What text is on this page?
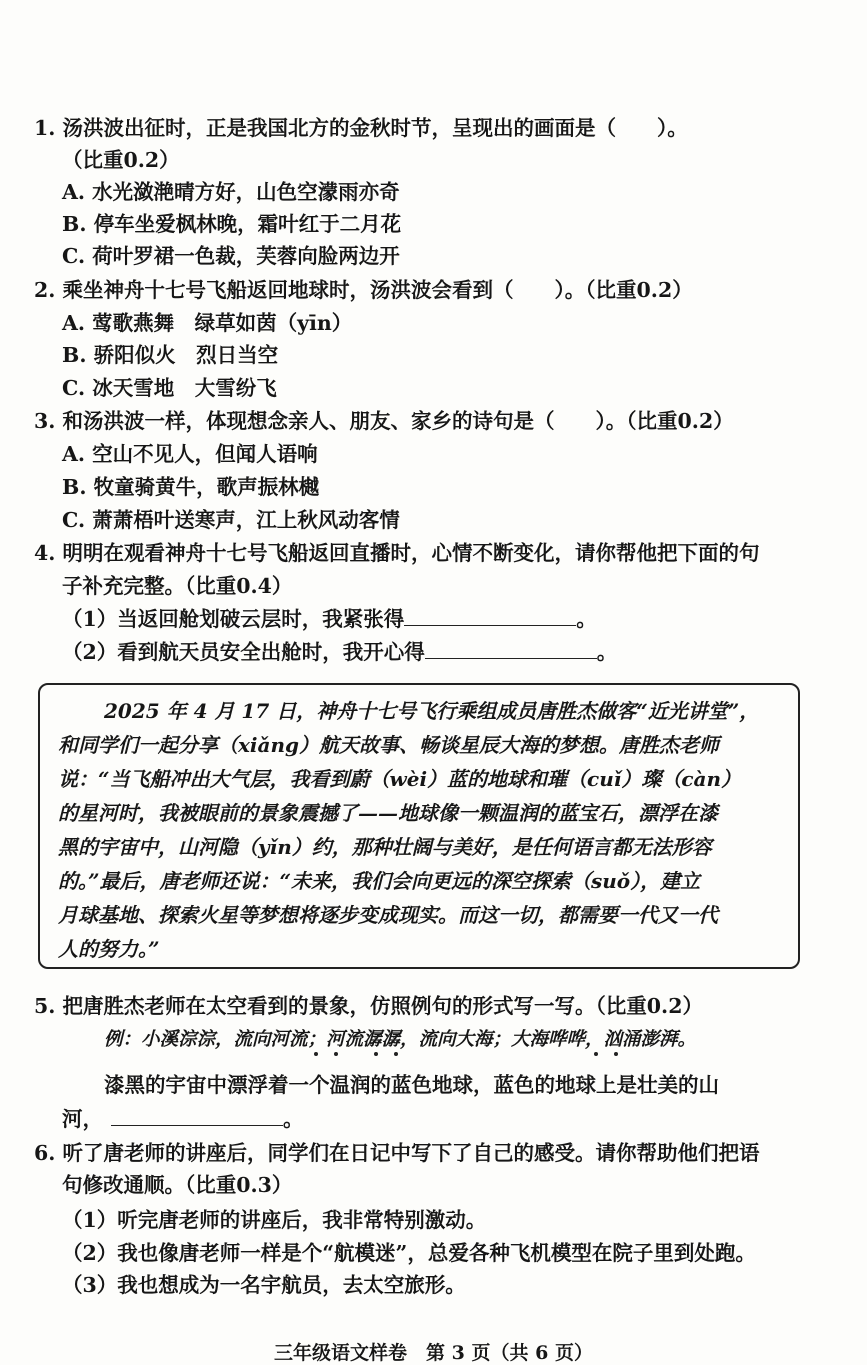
1. 汤洪波出征时，正是我国北方的金秋时节，呈现出的画面是（　　）。
（比重0.2）
A. 水光潋滟晴方好，山色空濛雨亦奇
B. 停车坐爱枫林晚，霜叶红于二月花
C. 荷叶罗裙一色裁，芙蓉向脸两边开
2. 乘坐神舟十七号飞船返回地球时，汤洪波会看到（　　）。（比重0.2）
A. 莺歌燕舞　绿草如茵（yīn）
B. 骄阳似火　烈日当空
C. 冰天雪地　大雪纷飞
3. 和汤洪波一样，体现想念亲人、朋友、家乡的诗句是（　　）。（比重0.2）
A. 空山不见人，但闻人语响
B. 牧童骑黄牛，歌声振林樾
C. 萧萧梧叶送寒声，江上秋风动客情
4. 明明在观看神舟十七号飞船返回直播时，心情不断变化，请你帮他把下面的句
子补充完整。（比重0.4）
（1）当返回舱划破云层时，我紧张得	。
（2）看到航天员安全出舱时，我开心得	。
2025 年 4 月 17 日，神舟十七号飞行乘组成员唐胜杰做客“近光讲堂”，
和同学们一起分享（xiǎng）航天故事、畅谈星辰大海的梦想。唐胜杰老师
说：“当飞船冲出大气层，我看到蔚（wèi）蓝的地球和璀（cuǐ）璨（càn）
的星河时，我被眼前的景象震撼了——地球像一颗温润的蓝宝石，漂浮在漆
黑的宇宙中，山河隐（yǐn）约，那种壮阔与美好，是任何语言都无法形容
的。”最后，唐老师还说：“未来，我们会向更远的深空探索（suǒ），建立
月球基地、探索火星等梦想将逐步变成现实。而这一切，都需要一代又一代
人的努力。”
5. 把唐胜杰老师在太空看到的景象，仿照例句的形式写一写。（比重0.2）
例：小溪淙淙，流向河流；河流潺潺，流向大海；大海哗哗，汹涌澎湃。
漆黑的宇宙中漂浮着一个温润的蓝色地球，蓝色的地球上是壮美的山
河，	。
6. 听了唐老师的讲座后，同学们在日记中写下了自己的感受。请你帮助他们把语
句修改通顺。（比重0.3）
（1）听完唐老师的讲座后，我非常特别激动。
（2）我也像唐老师一样是个“航模迷”，总爱各种飞机模型在院子里到处跑。
（3）我也想成为一名宇航员，去太空旅形。
三年级语文样卷　第 3 页（共 6 页）
